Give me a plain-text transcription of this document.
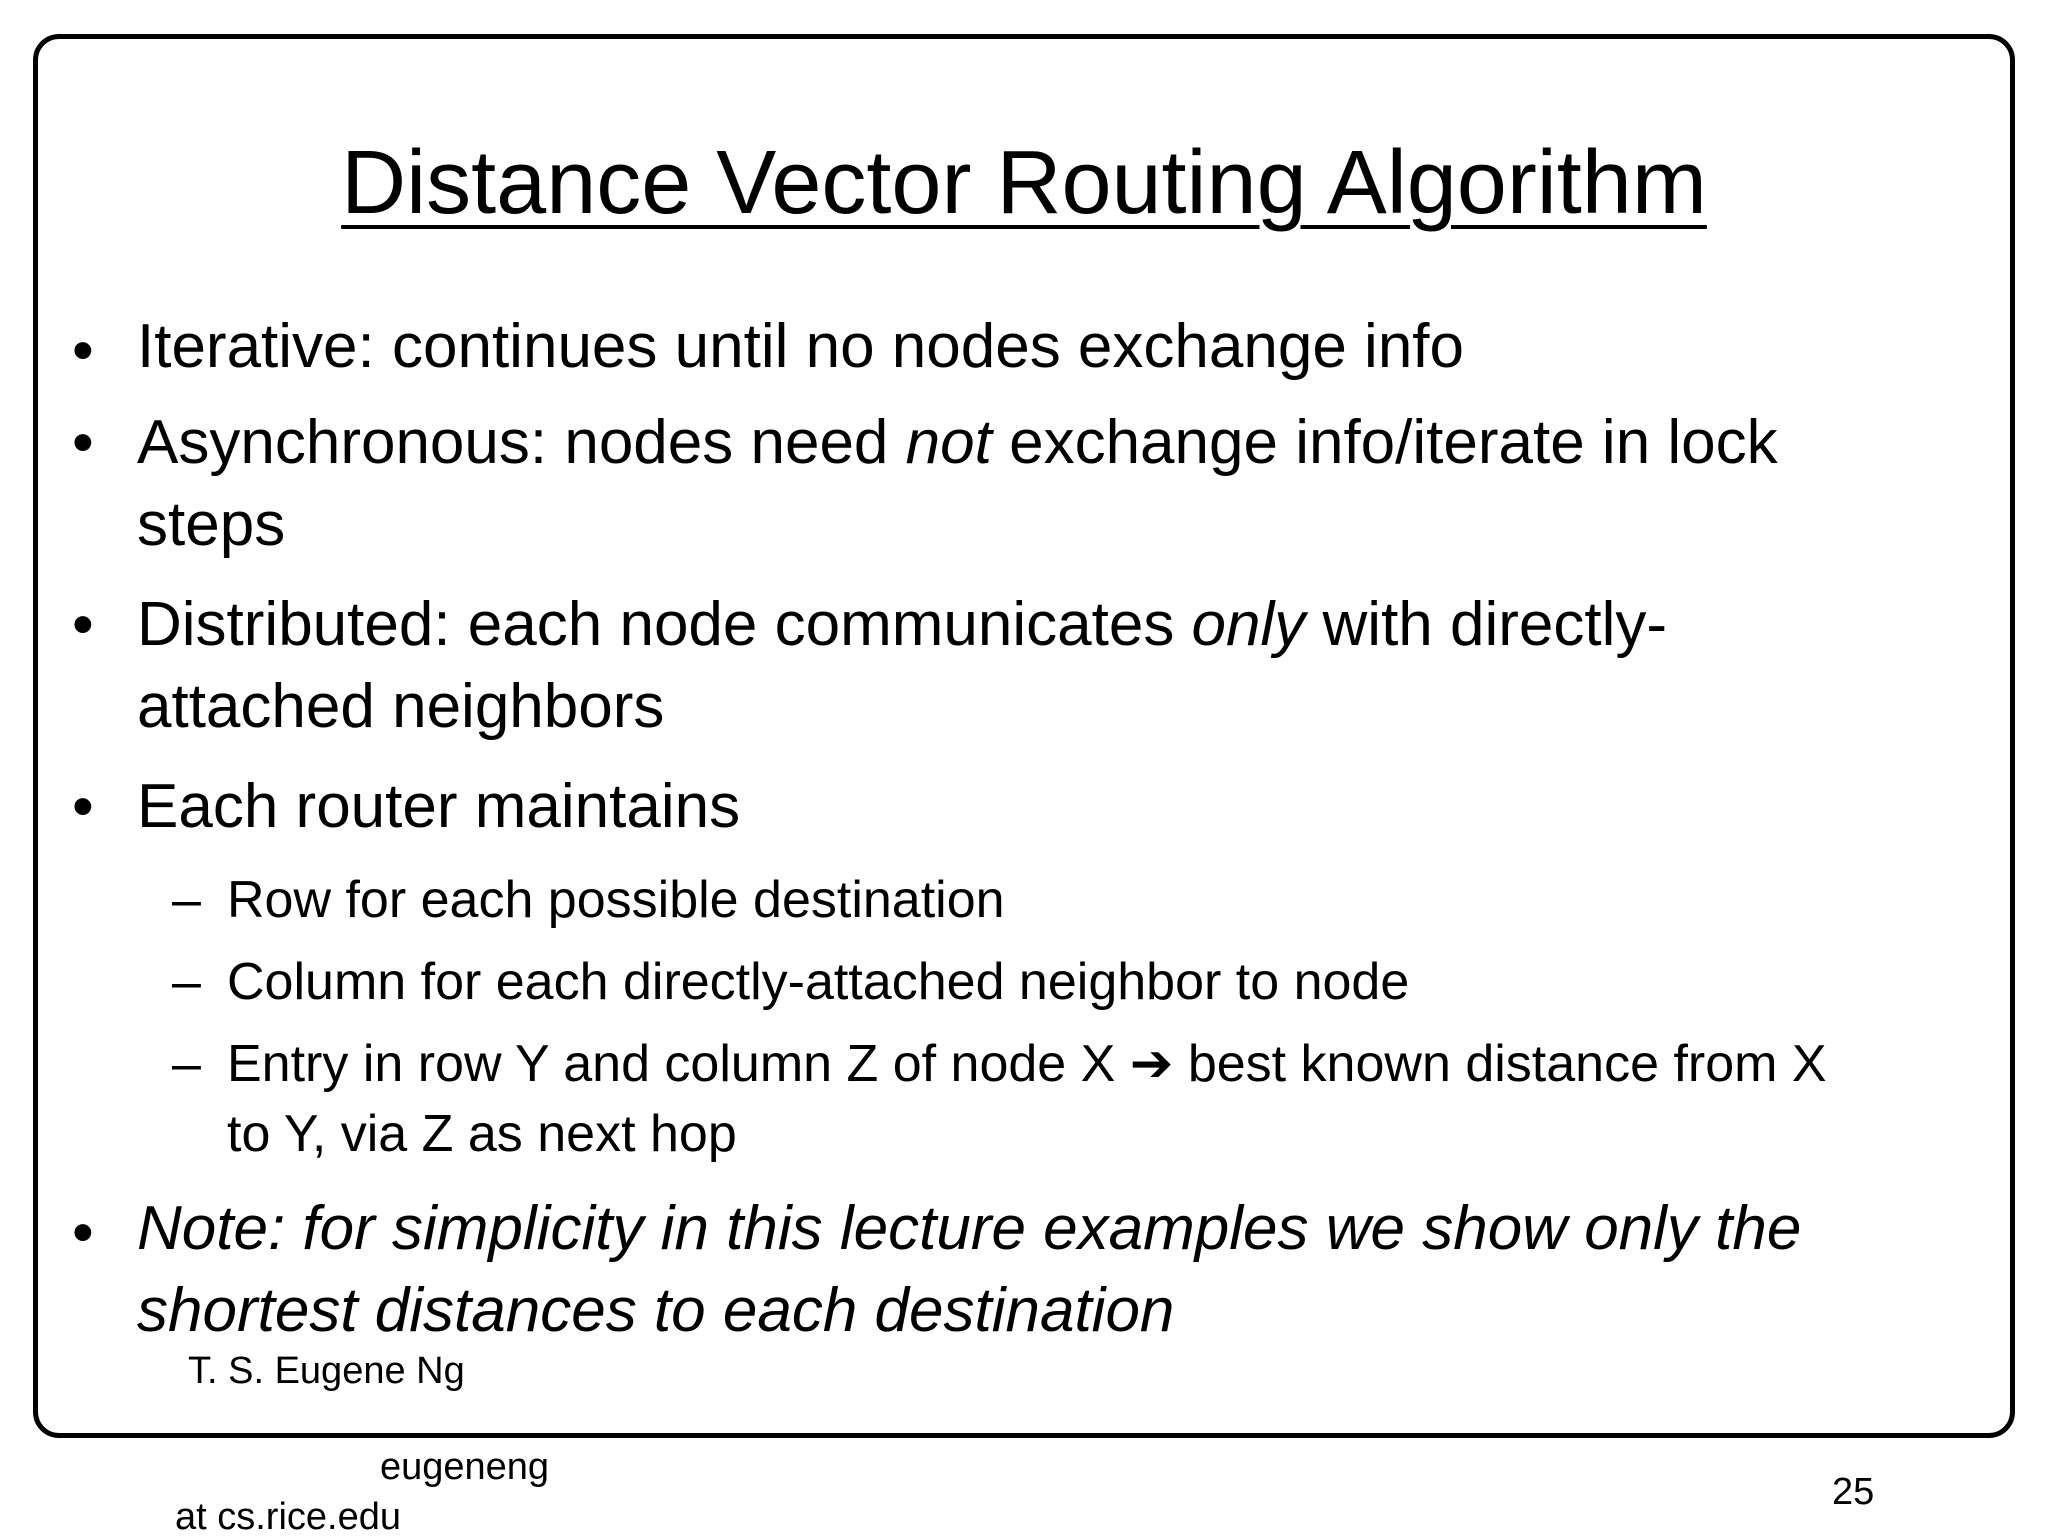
Distance Vector Routing Algorithm
• Iterative: continues until no nodes exchange info
• Asynchronous: nodes need not exchange info/iterate in lock
steps
• Distributed: each node communicates only with directly-
attached neighbors
• Each router maintains
– Row for each possible destination
– Column for each directly-attached neighbor to node
– Entry in row Y and column Z of node X ➔ best known distance from X
to Y, via Z as next hop
• Note: for simplicity in this lecture examples we show only the
shortest distances to each destination
T. S. Eugene Ng
eugeneng
at cs.rice.edu
25
